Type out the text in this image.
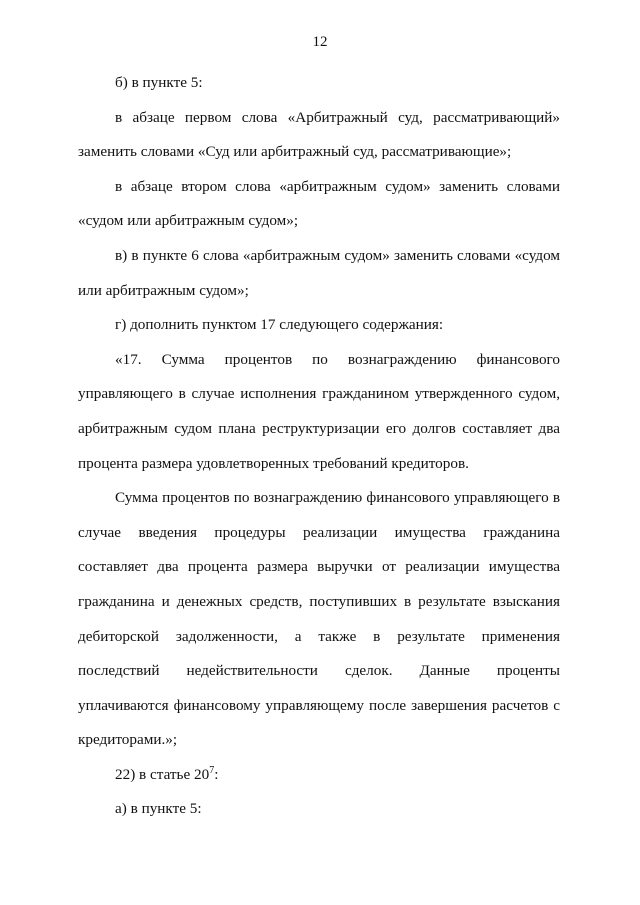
12

б) в пункте 5:

в абзаце первом слова «Арбитражный суд, рассматривающий» заменить словами «Суд или арбитражный суд, рассматривающие»;

в абзаце втором слова «арбитражным судом» заменить словами «судом или арбитражным судом»;

в) в пункте 6 слова «арбитражным судом» заменить словами «судом или арбитражным судом»;

г) дополнить пунктом 17 следующего содержания:

«17. Сумма процентов по вознаграждению финансового управляющего в случае исполнения гражданином утвержденного судом, арбитражным судом плана реструктуризации его долгов составляет два процента размера удовлетворенных требований кредиторов.

Сумма процентов по вознаграждению финансового управляющего в случае введения процедуры реализации имущества гражданина составляет два процента размера выручки от реализации имущества гражданина и денежных средств, поступивших в результате взыскания дебиторской задолженности, а также в результате применения последствий недействительности сделок. Данные проценты уплачиваются финансовому управляющему после завершения расчетов с кредиторами.»;

22) в статье $20^7$:

а) в пункте 5:
